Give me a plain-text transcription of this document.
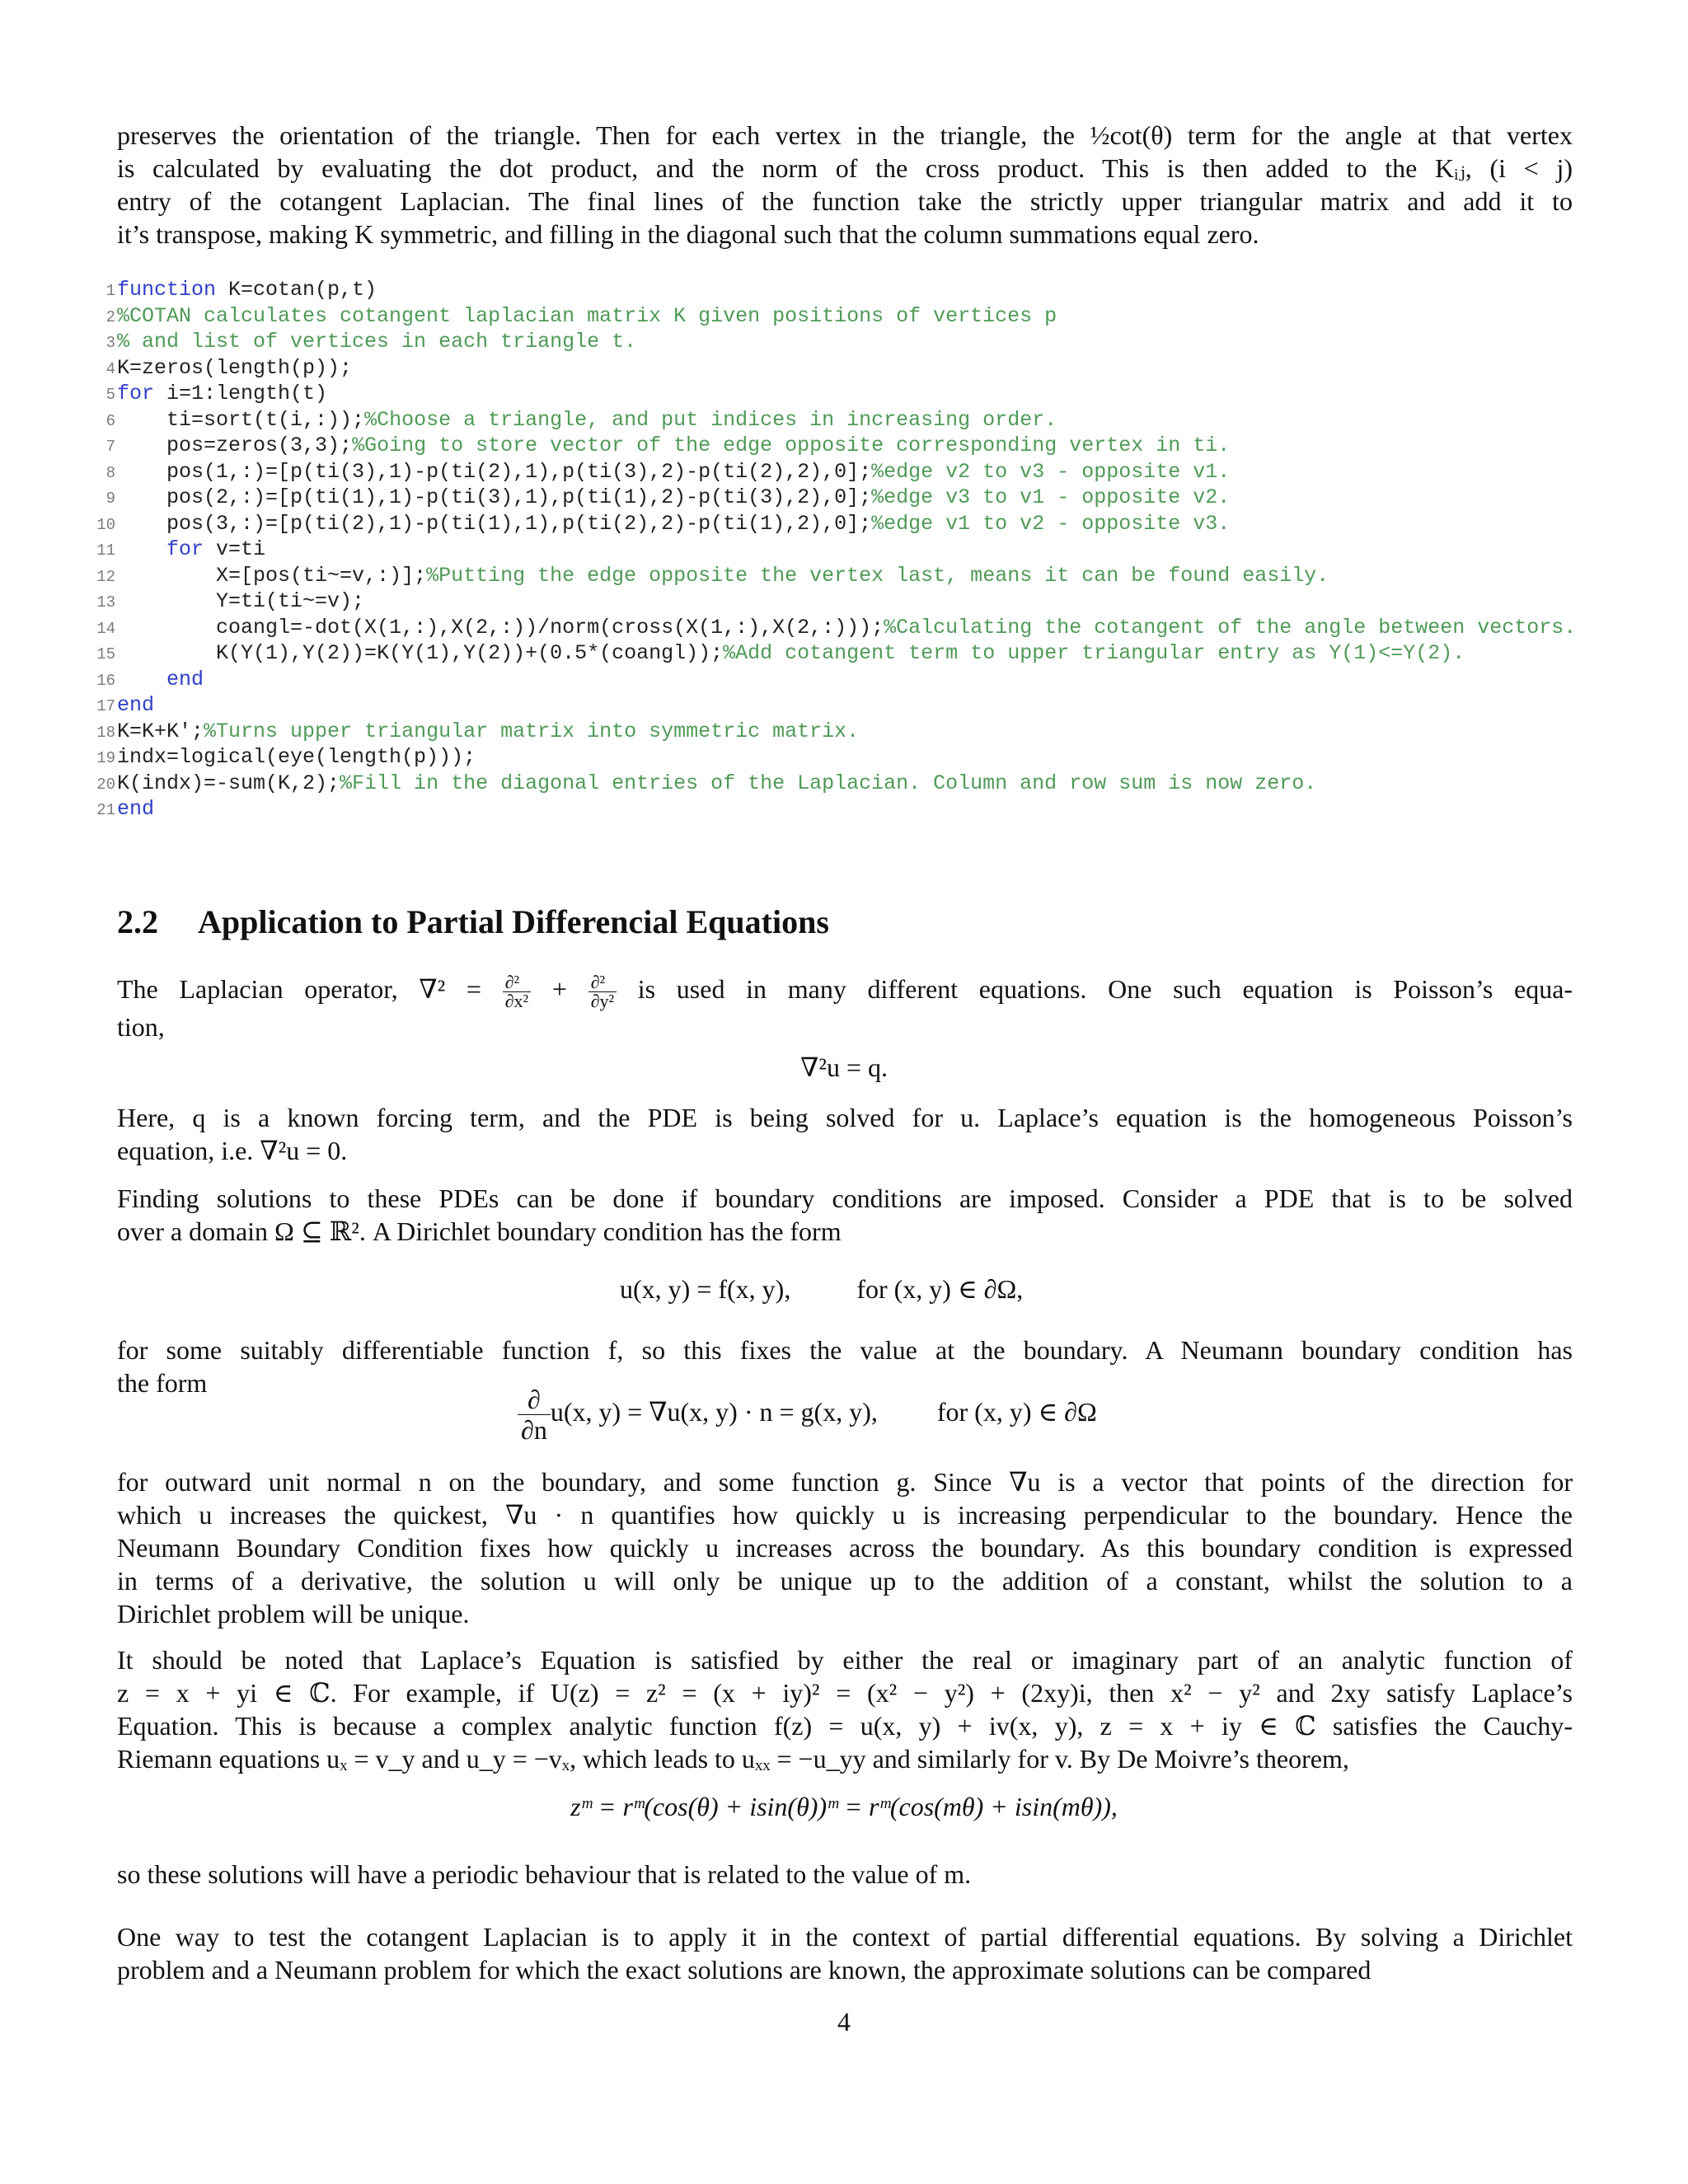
preserves the orientation of the triangle. Then for each vertex in the triangle, the ½cot(θ) term for the angle at that vertex
is calculated by evaluating the dot product, and the norm of the cross product. This is then added to the Kᵢⱼ, (i < j)
entry of the cotangent Laplacian. The final lines of the function take the strictly upper triangular matrix and add it to
it’s transpose, making K symmetric, and filling in the diagonal such that the column summations equal zero.
1function K=cotan(p,t)
2%COTAN calculates cotangent laplacian matrix K given positions of vertices p
3% and list of vertices in each triangle t.
4K=zeros(length(p));
5for i=1:length(t)
6 ti=sort(t(i,:));%Choose a triangle, and put indices in increasing order.
7 pos=zeros(3,3);%Going to store vector of the edge opposite corresponding vertex in ti.
8 pos(1,:)=[p(ti(3),1)-p(ti(2),1),p(ti(3),2)-p(ti(2),2),0];%edge v2 to v3 - opposite v1.
9 pos(2,:)=[p(ti(1),1)-p(ti(3),1),p(ti(1),2)-p(ti(3),2),0];%edge v3 to v1 - opposite v2.
10 pos(3,:)=[p(ti(2),1)-p(ti(1),1),p(ti(2),2)-p(ti(1),2),0];%edge v1 to v2 - opposite v3.
11 for v=ti
12	X=[pos(ti~=v,:)];%Putting the edge opposite the vertex last, means it can be found easily.
13	Y=ti(ti~=v);
14	coangl=-dot(X(1,:),X(2,:))/norm(cross(X(1,:),X(2,:)));%Calculating the cotangent of the angle between vectors.
15	K(Y(1),Y(2))=K(Y(1),Y(2))+(0.5*(coangl));%Add cotangent term to upper triangular entry as Y(1)<=Y(2).
16 end
17end
18K=K+K';%Turns upper triangular matrix into symmetric matrix.
19indx=logical(eye(length(p)));
20K(indx)=-sum(K,2);%Fill in the diagonal entries of the Laplacian. Column and row sum is now zero.
21end
2.2 Application to Partial Differencial Equations
The Laplacian operator, $\nabla^2 = \frac{\text{∂²}}{\text{∂x²}} + \frac{\text{∂²}}{\text{∂y²}}$ is used in many different equations. One such equation is Poisson’s equa-
tion,
∇²u = q.
Here, q is a known forcing term, and the PDE is being solved for u. Laplace’s equation is the homogeneous Poisson’s
equation, i.e. ∇²u = 0.
Finding solutions to these PDEs can be done if boundary conditions are imposed. Consider a PDE that is to be solved
over a domain Ω ⊆ ℝ². A Dirichlet boundary condition has the form
u(x, y) = f(x, y),	for (x, y) ∈ ∂Ω,
for some suitably differentiable function f, so this fixes the value at the boundary. A Neumann boundary condition has
the form
∂
∂n
u(x, y) = ∇u(x, y) · n = g(x, y), for (x, y) ∈ ∂Ω
for outward unit normal n on the boundary, and some function g. Since ∇u is a vector that points of the direction for
which u increases the quickest, ∇u · n quantifies how quickly u is increasing perpendicular to the boundary. Hence the
Neumann Boundary Condition fixes how quickly u increases across the boundary. As this boundary condition is expressed
in terms of a derivative, the solution u will only be unique up to the addition of a constant, whilst the solution to a
Dirichlet problem will be unique.
It should be noted that Laplace’s Equation is satisfied by either the real or imaginary part of an analytic function of
z = x + yi ∈ ℂ. For example, if U(z) = z² = (x + iy)² = (x² − y²) + (2xy)i, then x² − y² and 2xy satisfy Laplace’s
Equation. This is because a complex analytic function f(z) = u(x, y) + iv(x, y), z = x + iy ∈ ℂ satisfies the Cauchy-
Riemann equations uₓ = v_y and u_y = −vₓ, which leads to uₓₓ = −u_yy and similarly for v. By De Moivre’s theorem,
zᵐ = rᵐ(cos(θ) + isin(θ))ᵐ = rᵐ(cos(mθ) + isin(mθ)),
so these solutions will have a periodic behaviour that is related to the value of m.
One way to test the cotangent Laplacian is to apply it in the context of partial differential equations. By solving a Dirichlet
problem and a Neumann problem for which the exact solutions are known, the approximate solutions can be compared
4
